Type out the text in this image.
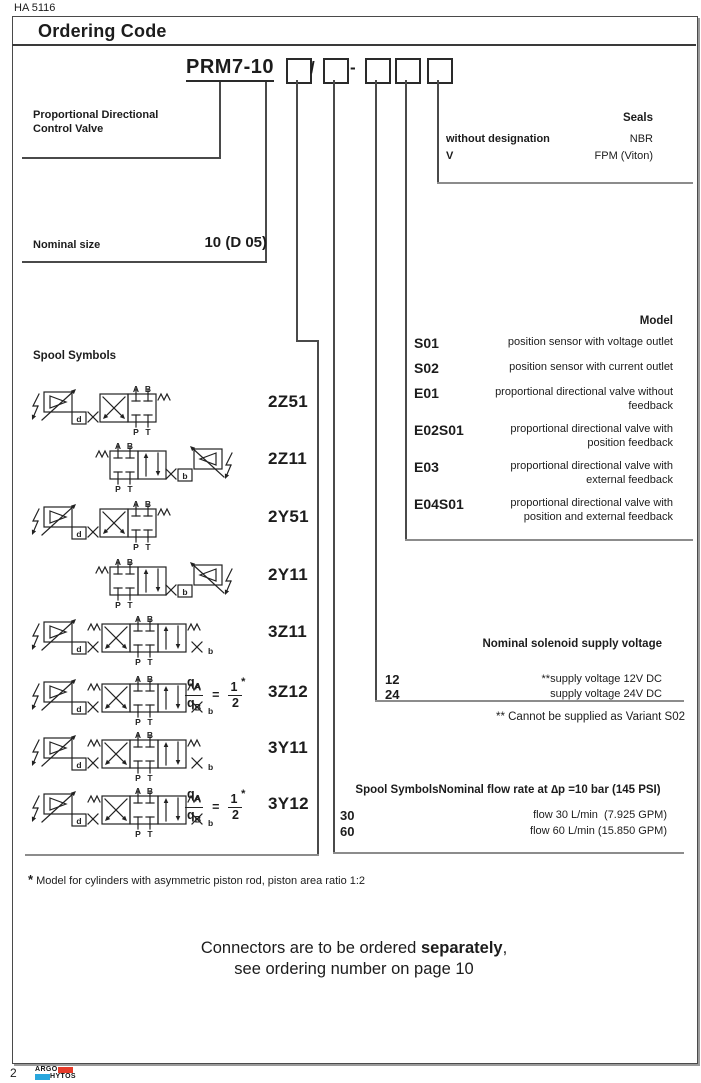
HA 5116
Ordering Code
PRM7-10 / -
Proportional Directional Control Valve
Nominal size	10 (D 05)
Spool Symbols
Seals
without designation	NBR
V	FPM (Viton)
Model
S01	position sensor with voltage outlet
S02	position sensor with current outlet
E01	proportional directional valve without feedback
E02S01	proportional directional valve with position feedback
E03	proportional directional valve with external feedback
E04S01	proportional directional valve with position and external feedback
Nominal solenoid supply voltage
12	**supply voltage 12V DC
24	supply voltage 24V DC
** Cannot be supplied as Variant S02
Spool SymbolsNominal flow rate at ∆p =10 bar (145 PSI)
30	flow 30 L/min  (7.925 GPM)
60	flow 60 L/min (15.850 GPM)
d
A B
P T
2Z51
b
A B
P T
2Z11
d
A B
P T
2Y51
b
A B
P T
2Y11
d	b
A B
P T
3Z11
d	b
A B
P T
$\frac{q_A}{q_B} = \frac{1 *}{2} 3Z12$
d	b
A B
P T
3Y11
d	b
A B
P T
$\frac{q_A}{q_B} = \frac{1 *}{2} 3Y12$
* Model for cylinders with asymmetric piston rod, piston area ratio 1:2
Connectors are to be ordered separately,
see ordering number on page 10
2	ARGO
HYTOS
